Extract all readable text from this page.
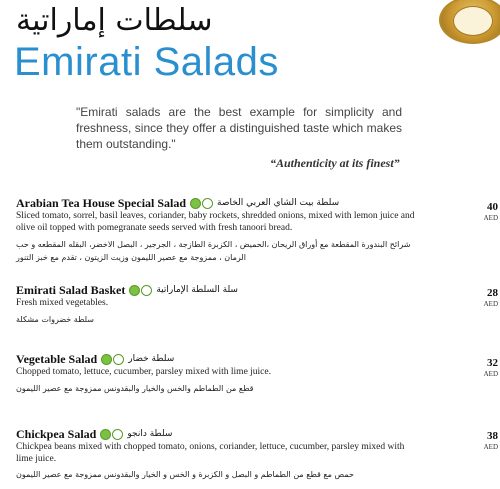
سلطات إماراتية
Emirati Salads
"Emirati salads are the best example for simplicity and freshness, since they offer a distinguished taste which makes them outstanding."
“Authenticity at its finest”
Arabian Tea House Special Salad	سلطة بيت الشاي العربي الخاصة
Sliced tomato, sorrel, basil leaves, coriander, baby rockets, shredded onions, mixed with lemon juice and olive oil topped with pomegranate seeds served with fresh tanoori bread.
شرائح البندورة المقطعة مع أوراق الريحان ،الحميض ، الكزبرة الطازجة ، الجرجير ، البصل الاخضر، البقله المقطعه و حب الرمان ، ممزوجة مع عصير الليمون وزيت الزيتون ، تقدم مع خبز التنور
40
AED
Emirati Salad Basket	سلة السلطة الإماراتية
Fresh mixed vegetables.
سلطة خضروات مشكلة
28
AED
Vegetable Salad	سلطة خضار
Chopped tomato, lettuce, cucumber, parsley mixed with lime juice.
قطع من الطماطم والخس والخيار والبقدونس ممزوجة مع عصير الليمون
32
AED
Chickpea Salad	سلطة دانجو
Chickpea beans mixed with chopped tomato, onions, coriander, lettuce, cucumber, parsley mixed with lime juice.
حمص مع قطع من الطماطم و البصل و الكزبرة و الخس و الخيار والبقدونس ممزوجة مع عصير الليمون
38
AED
